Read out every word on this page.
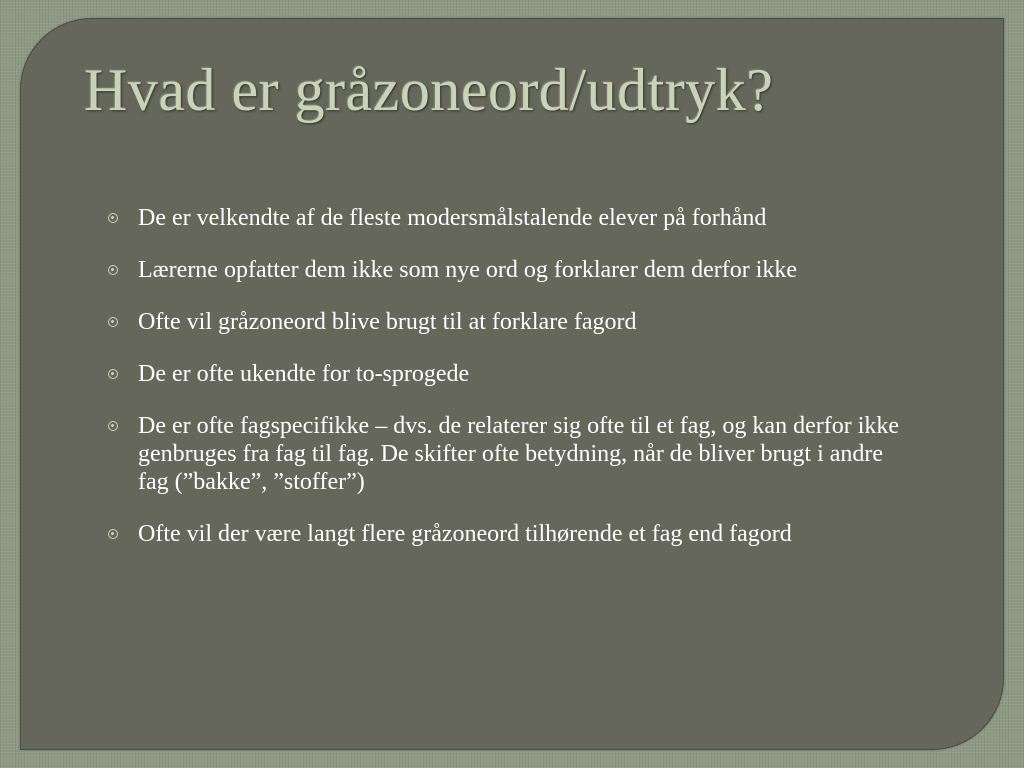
Hvad er gråzoneord/udtryk?
De er velkendte af de fleste modersmålstalende elever på forhånd
Lærerne opfatter dem ikke som nye ord og forklarer dem derfor ikke
Ofte vil gråzoneord blive brugt til at forklare fagord
De er ofte ukendte for to-sprogede
De er ofte fagspecifikke – dvs. de relaterer sig ofte til et fag, og kan derfor ikke genbruges fra fag til fag. De skifter ofte betydning, når de bliver brugt i andre fag (”bakke”, ”stoffer”)
Ofte vil der være langt flere gråzoneord tilhørende et fag end fagord
